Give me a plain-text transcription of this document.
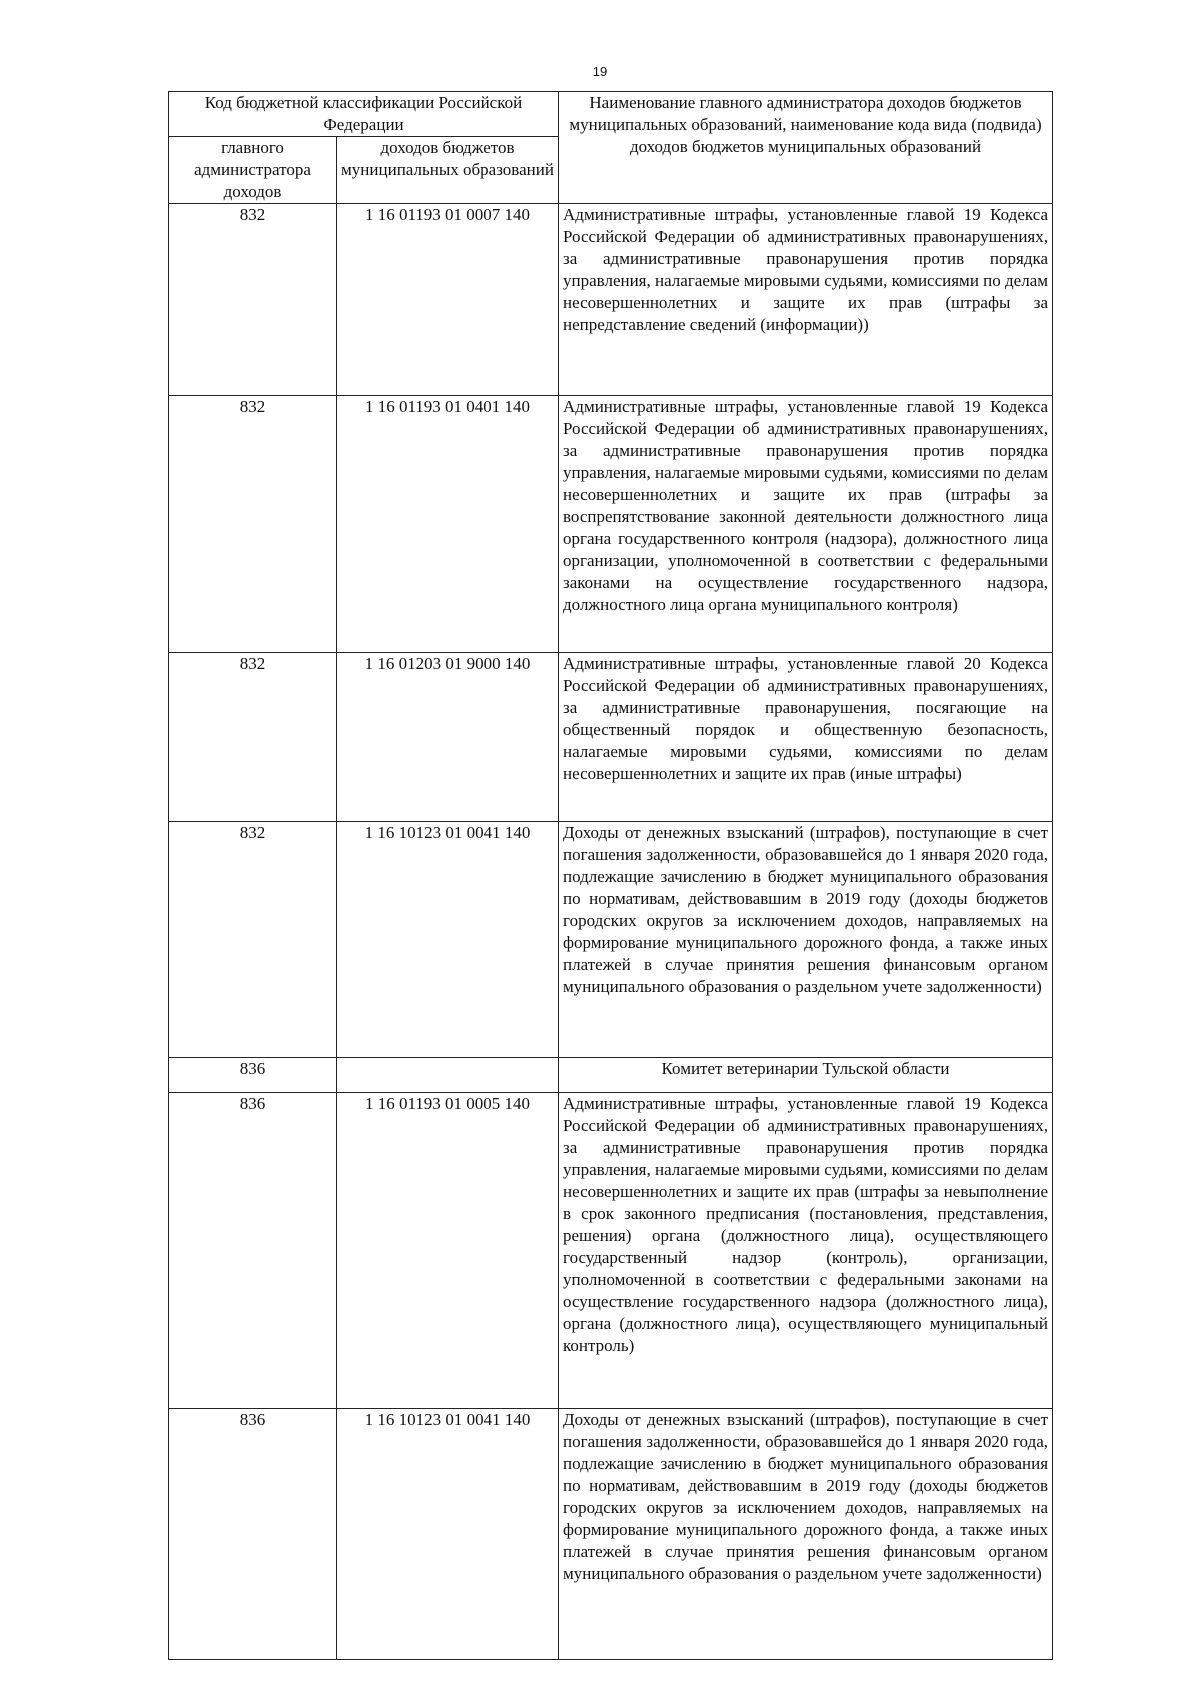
19
Код бюджетной классификации Российской Федерации		Наименование главного администратора доходов бюджетов муниципальных образований, наименование кода вида (подвида) доходов бюджетов муниципальных образований
главного администратора доходов	доходов бюджетов муниципальных образований	
832	1 16 01193 01 0007 140	Административные штрафы, установленные главой 19 Кодекса Российской Федерации об административных правонарушениях, за административные правонарушения против порядка управления, налагаемые мировыми судьями, комиссиями по делам несовершеннолетних и защите их прав (штрафы за непредставление сведений (информации))
832	1 16 01193 01 0401 140	Административные штрафы, установленные главой 19 Кодекса Российской Федерации об административных правонарушениях, за административные правонарушения против порядка управления, налагаемые мировыми судьями, комиссиями по делам несовершеннолетних и защите их прав (штрафы за воспрепятствование законной деятельности должностного лица органа государственного контроля (надзора), должностного лица организации, уполномоченной в соответствии с федеральными законами на осуществление государственного надзора, должностного лица органа муниципального контроля)
832	1 16 01203 01 9000 140	Административные штрафы, установленные главой 20 Кодекса Российской Федерации об административных правонарушениях, за административные правонарушения, посягающие на общественный порядок и общественную безопасность, налагаемые мировыми судьями, комиссиями по делам несовершеннолетних и защите их прав (иные штрафы)
832	1 16 10123 01 0041 140	Доходы от денежных взысканий (штрафов), поступающие в счет погашения задолженности, образовавшейся до 1 января 2020 года, подлежащие зачислению в бюджет муниципального образования по нормативам, действовавшим в 2019 году (доходы бюджетов городских округов за исключением доходов, направляемых на формирование муниципального дорожного фонда, а также иных платежей в случае принятия решения финансовым органом муниципального образования о раздельном учете задолженности)
836		Комитет ветеринарии Тульской области
836	1 16 01193 01 0005 140	Административные штрафы, установленные главой 19 Кодекса Российской Федерации об административных правонарушениях, за административные правонарушения против порядка управления, налагаемые мировыми судьями, комиссиями по делам несовершеннолетних и защите их прав (штрафы за невыполнение в срок законного предписания (постановления, представления, решения) органа (должностного лица), осуществляющего государственный надзор (контроль), организации, уполномоченной в соответствии с федеральными законами на осуществление государственного надзора (должностного лица), органа (должностного лица), осуществляющего муниципальный контроль)
836	1 16 10123 01 0041 140	Доходы от денежных взысканий (штрафов), поступающие в счет погашения задолженности, образовавшейся до 1 января 2020 года, подлежащие зачислению в бюджет муниципального образования по нормативам, действовавшим в 2019 году (доходы бюджетов городских округов за исключением доходов, направляемых на формирование муниципального дорожного фонда, а также иных платежей в случае принятия решения финансовым органом муниципального образования о раздельном учете задолженности)
